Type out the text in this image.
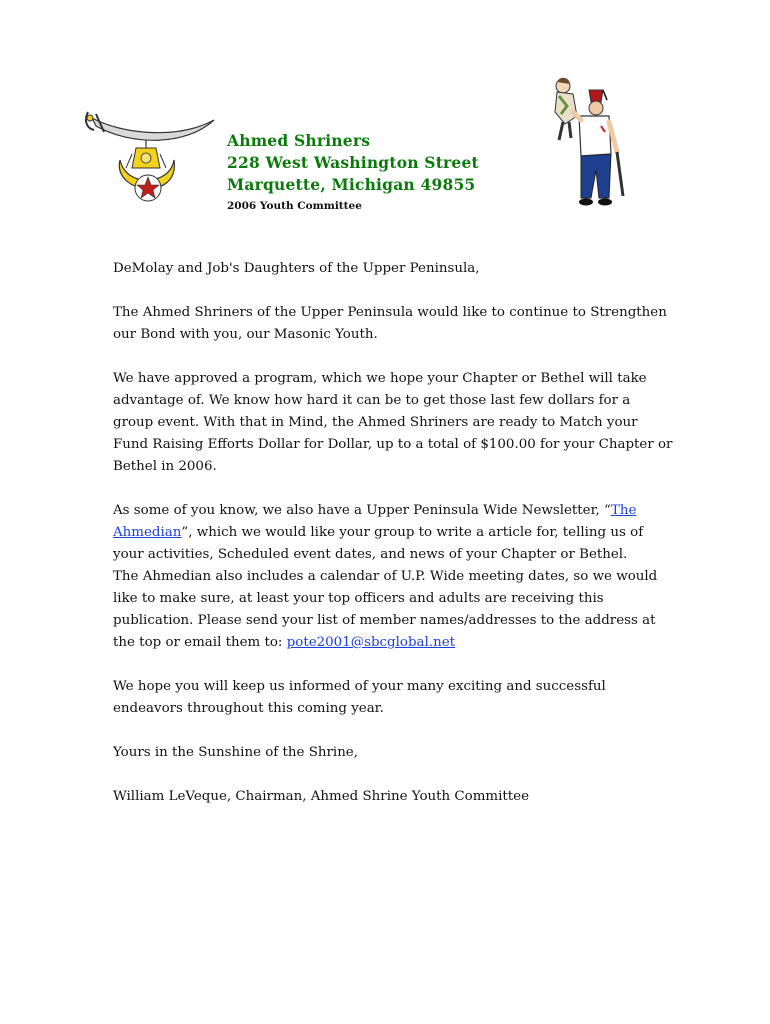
Ahmed Shriners
228 West Washington Street
Marquette, Michigan 49855
2006 Youth Committee

DeMolay and Job's Daughters of the Upper Peninsula,

The Ahmed Shriners of the Upper Peninsula would like to continue to Strengthen our Bond with you, our Masonic Youth.

We have approved a program, which we hope your Chapter or Bethel will take advantage of. We know how hard it can be to get those last few dollars for a group event. With that in Mind, the Ahmed Shriners are ready to Match your Fund Raising Efforts Dollar for Dollar, up to a total of $100.00 for your Chapter or Bethel in 2006.

As some of you know, we also have a Upper Peninsula Wide Newsletter, “The Ahmedian”, which we would like your group to write a article for, telling us of your activities, Scheduled event dates, and news of your Chapter or Bethel.

The Ahmedian also includes a calendar of U.P. Wide meeting dates, so we would like to make sure, at least your top officers and adults are receiving this publication. Please send your list of member names/addresses to the address at the top or email them to: pote2001@sbcglobal.net

We hope you will keep us informed of your many exciting and successful endeavors throughout this coming year.

Yours in the Sunshine of the Shrine,

William LeVeque, Chairman, Ahmed Shrine Youth Committee
